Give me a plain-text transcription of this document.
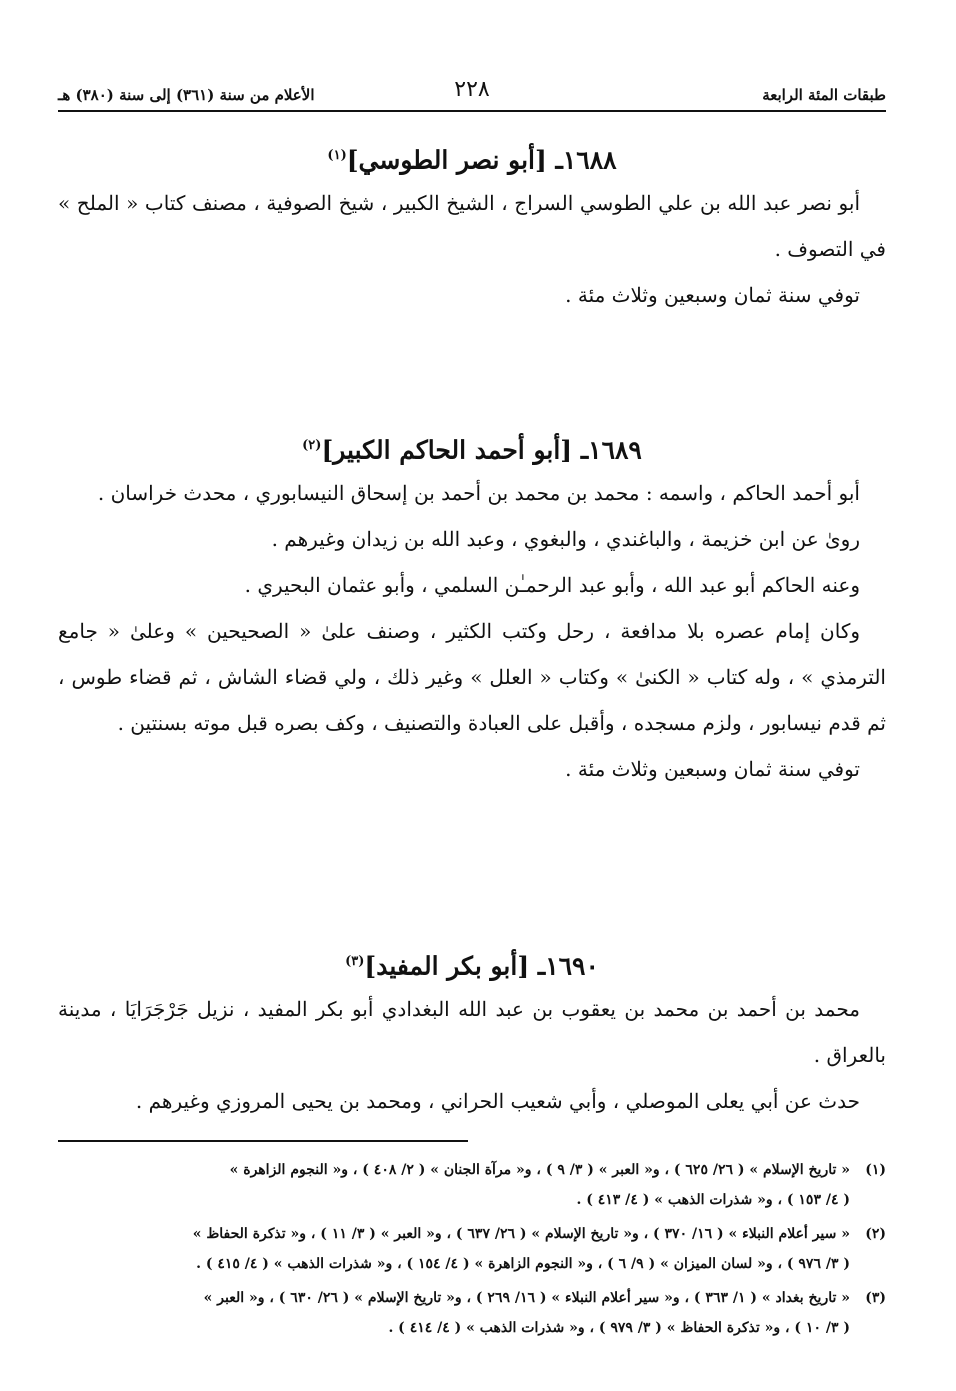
طبقات المئة الرابعة
٢٢٨
الأعلام من سنة (٣٦١) إلى سنة (٣٨٠) هـ
١٦٨٨ـ [أبو نصر الطوسي]$^{(١)}$

أبو نصر عبد الله بن علي الطوسي السراج ، الشيخ الكبير ، شيخ الصوفية ، مصنف كتاب « الملح » في التصوف .

توفي سنة ثمان وسبعين وثلاث مئة .

١٦٨٩ـ [أبو أحمد الحاكم الكبير]$^{(٢)}$

أبو أحمد الحاكم ، واسمه : محمد بن محمد بن أحمد بن إسحاق النيسابوري ، محدث خراسان .

روىٰ عن ابن خزيمة ، والباغندي ، والبغوي ، وعبد الله بن زيدان وغيرهم .

وعنه الحاكم أبو عبد الله ، وأبو عبد الرحمـٰن السلمي ، وأبو عثمان البحيري .

وكان إمام عصره بلا مدافعة ، رحل وكتب الكثير ، وصنف علىٰ « الصحيحين » وعلىٰ « جامع الترمذي » ، وله كتاب « الكنىٰ » وكتاب « العلل » وغير ذلك ، ولي قضاء الشاش ، ثم قضاء طوس ، ثم قدم نيسابور ، ولزم مسجده ، وأقبل على العبادة والتصنيف ، وكف بصره قبل موته بسنتين .

توفي سنة ثمان وسبعين وثلاث مئة .

١٦٩٠ـ [أبو بكر المفيد]$^{(٣)}$

محمد بن أحمد بن محمد بن يعقوب بن عبد الله البغدادي أبو بكر المفيد ، نزيل جَرْجَرَايَا ، مدينة بالعراق .

حدث عن أبي يعلى الموصلي ، وأبي شعيب الحراني ، ومحمد بن يحيى المروزي وغيرهم .

(١)
« تاريخ الإسلام » ( ٢٦/ ٦٢٥ ) ، و« العبر » ( ٣/ ٩ ) ، و« مرآة الجنان » ( ٢/ ٤٠٨ ) ، و« النجوم الزاهرة »
( ٤/ ١٥٣ ) ، و« شذرات الذهب » ( ٤/ ٤١٣ ) .
(٢)
« سير أعلام النبلاء » ( ١٦/ ٣٧٠ ) ، و« تاريخ الإسلام » ( ٢٦/ ٦٣٧ ) ، و« العبر » ( ٣/ ١١ ) ، و« تذكرة الحفاظ »
( ٣/ ٩٧٦ ) ، و« لسان الميزان » ( ٩/ ٦ ) ، و« النجوم الزاهرة » ( ٤/ ١٥٤ ) ، و« شذرات الذهب » ( ٤/ ٤١٥ ) .
(٣)
« تاريخ بغداد » ( ١/ ٣٦٣ ) ، و« سير أعلام النبلاء » ( ١٦/ ٢٦٩ ) ، و« تاريخ الإسلام » ( ٢٦/ ٦٣٠ ) ، و« العبر »
( ٣/ ١٠ ) ، و« تذكرة الحفاظ » ( ٣/ ٩٧٩ ) ، و« شذرات الذهب » ( ٤/ ٤١٤ ) .
